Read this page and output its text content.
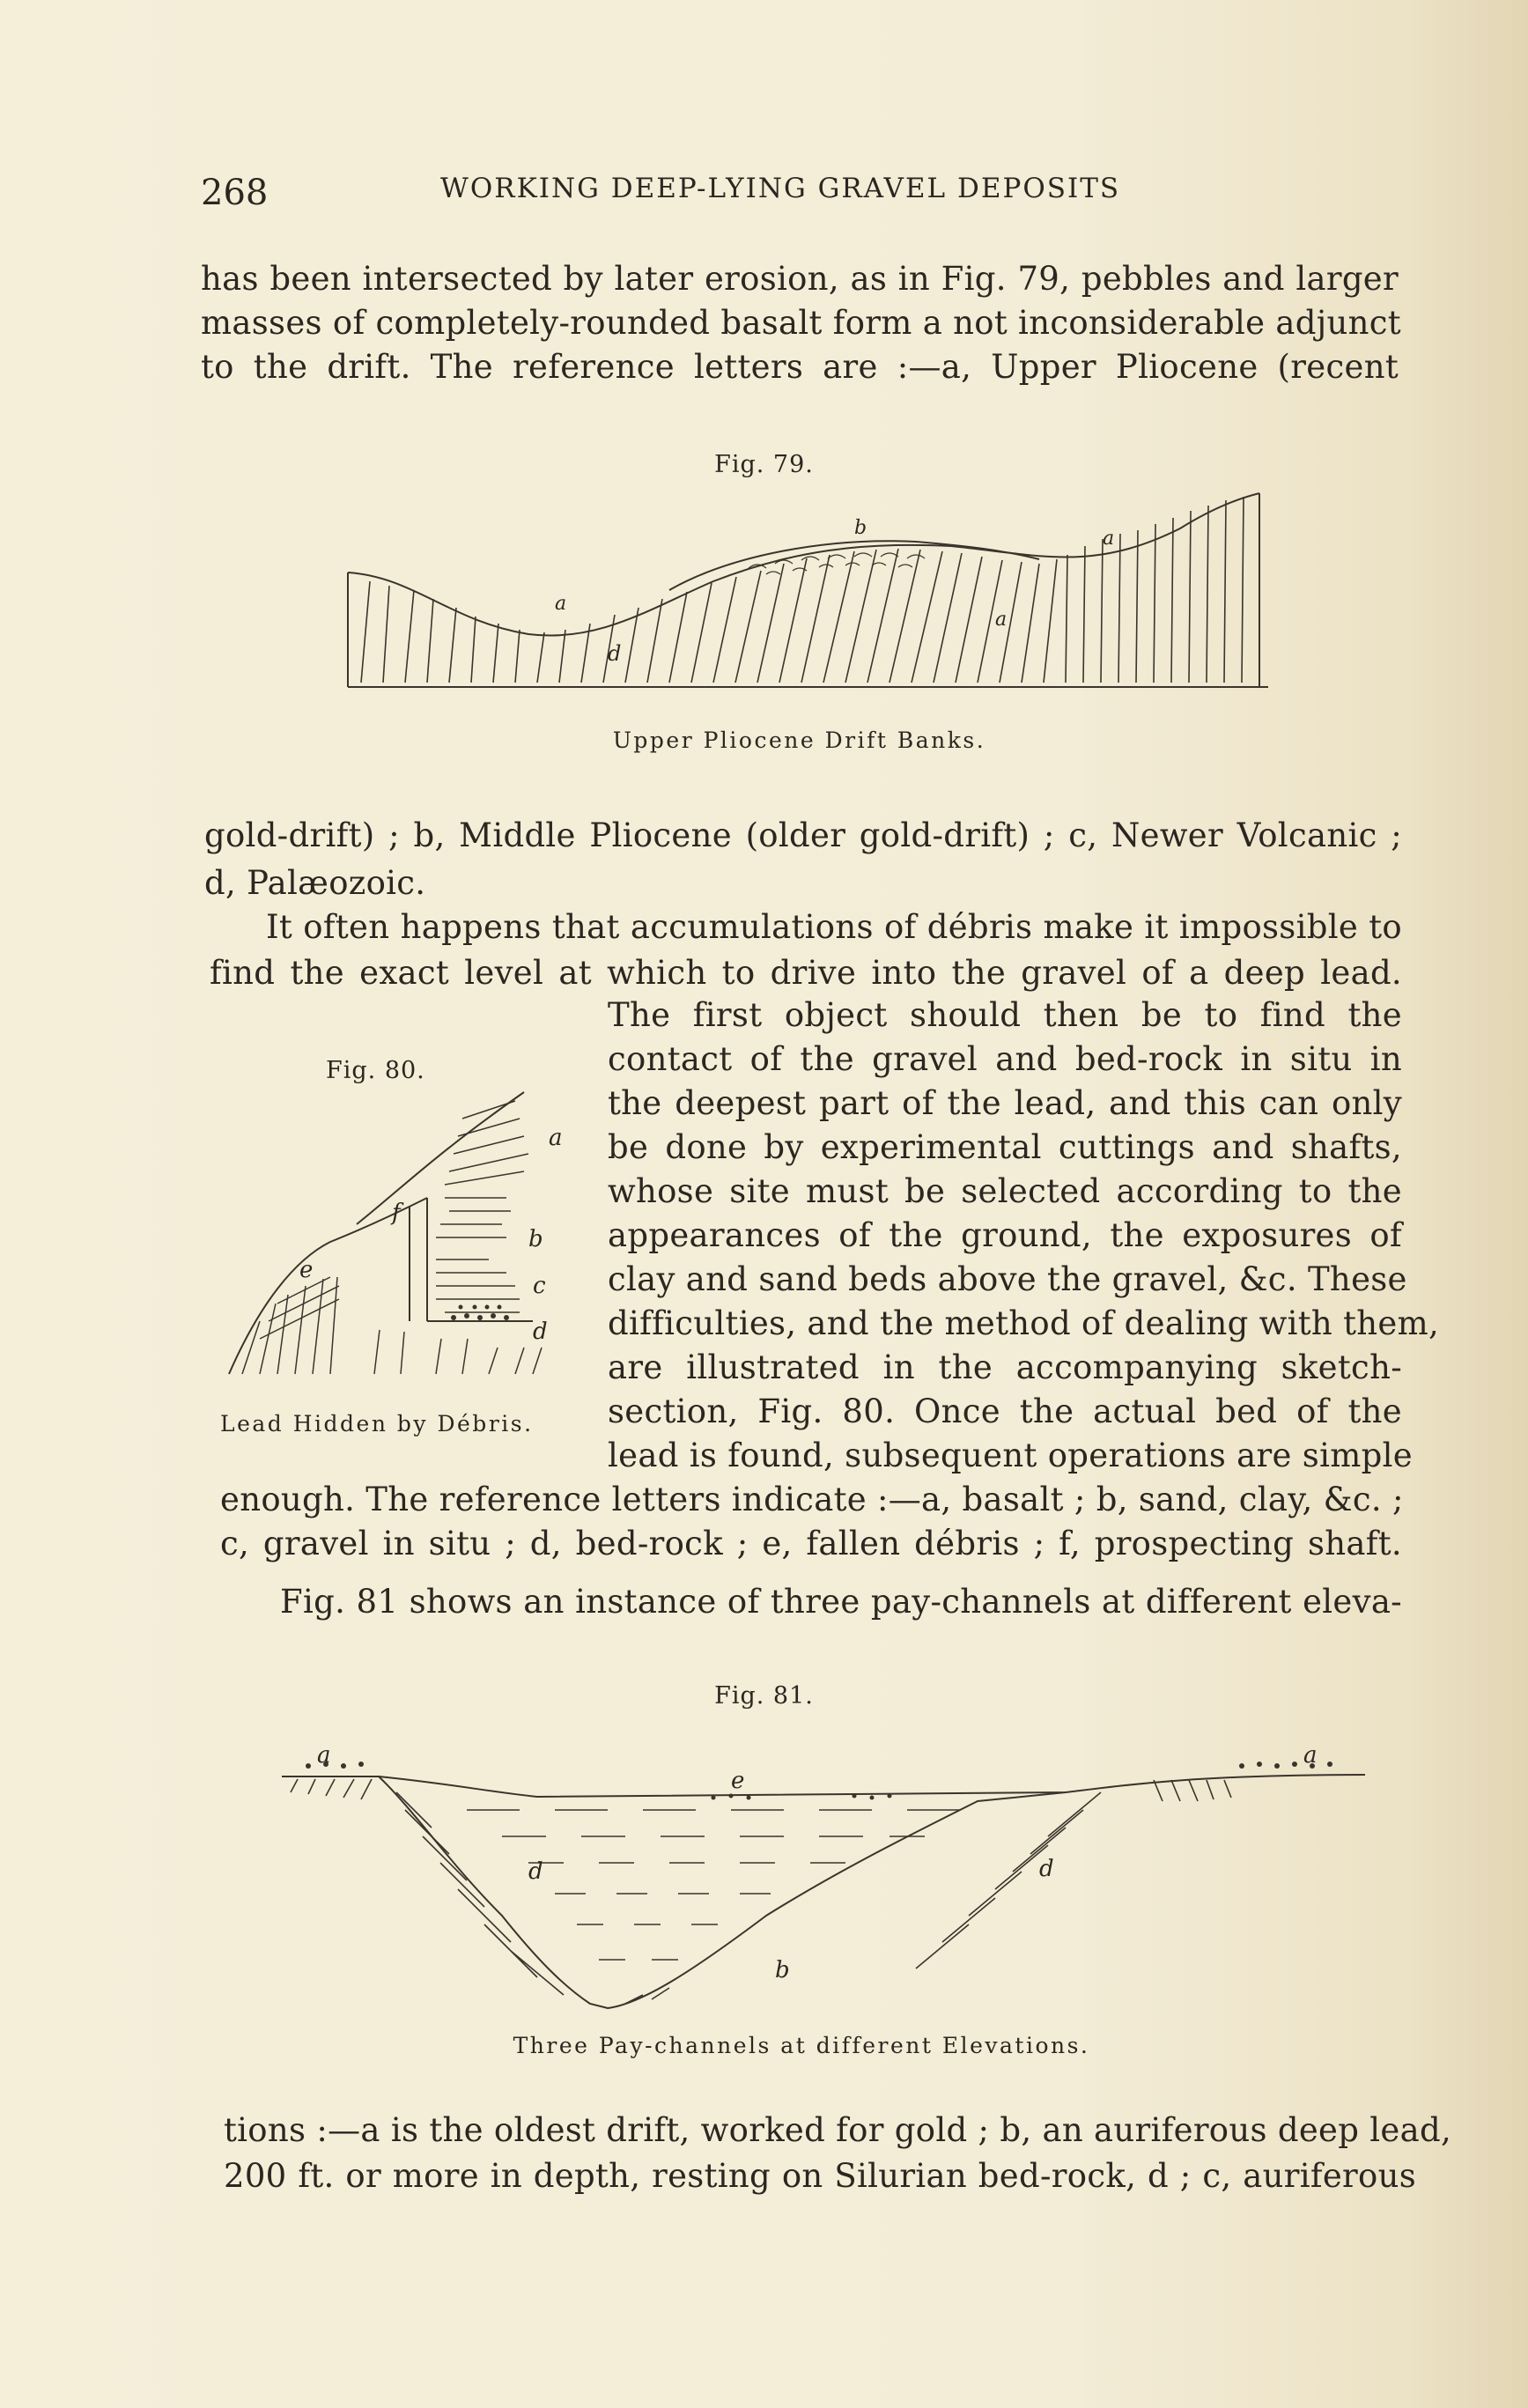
268	WORKING DEEP-LYING GRAVEL DEPOSITS
has been intersected by later erosion, as in Fig. 79, pebbles and larger
masses of completely-rounded basalt form a not inconsiderable adjunct
to the drift. The reference letters are :—a, Upper Pliocene (recent
Fig. 79.
a
b	a
a
d
Upper Pliocene Drift Banks.
gold-drift) ; b, Middle Pliocene (older gold-drift) ; c, Newer Volcanic ;
d, Palæozoic.
It often happens that accumulations of débris make it impossible to
find the exact level at which to drive into the gravel of a deep lead.
Fig. 80.
a
b
c
d
e
f
Lead Hidden by Débris.
The first object should then be to find the
contact of the gravel and bed-rock in situ in
the deepest part of the lead, and this can only
be done by experimental cuttings and shafts,
whose site must be selected according to the
appearances of the ground, the exposures of
clay and sand beds above the gravel, &c. These
difficulties, and the method of dealing with them,
are illustrated in the accompanying sketch-
section, Fig. 80. Once the actual bed of the
lead is found, subsequent operations are simple
enough. The reference letters indicate :—a, basalt ; b, sand, clay, &c. ;
c, gravel in situ ; d, bed-rock ; e, fallen débris ; f, prospecting shaft.
Fig. 81 shows an instance of three pay-channels at different eleva-
Fig. 81.
a	a
e
d	d
b
Three Pay-channels at different Elevations.
tions :—a is the oldest drift, worked for gold ; b, an auriferous deep lead,
200 ft. or more in depth, resting on Silurian bed-rock, d ; c, auriferous
